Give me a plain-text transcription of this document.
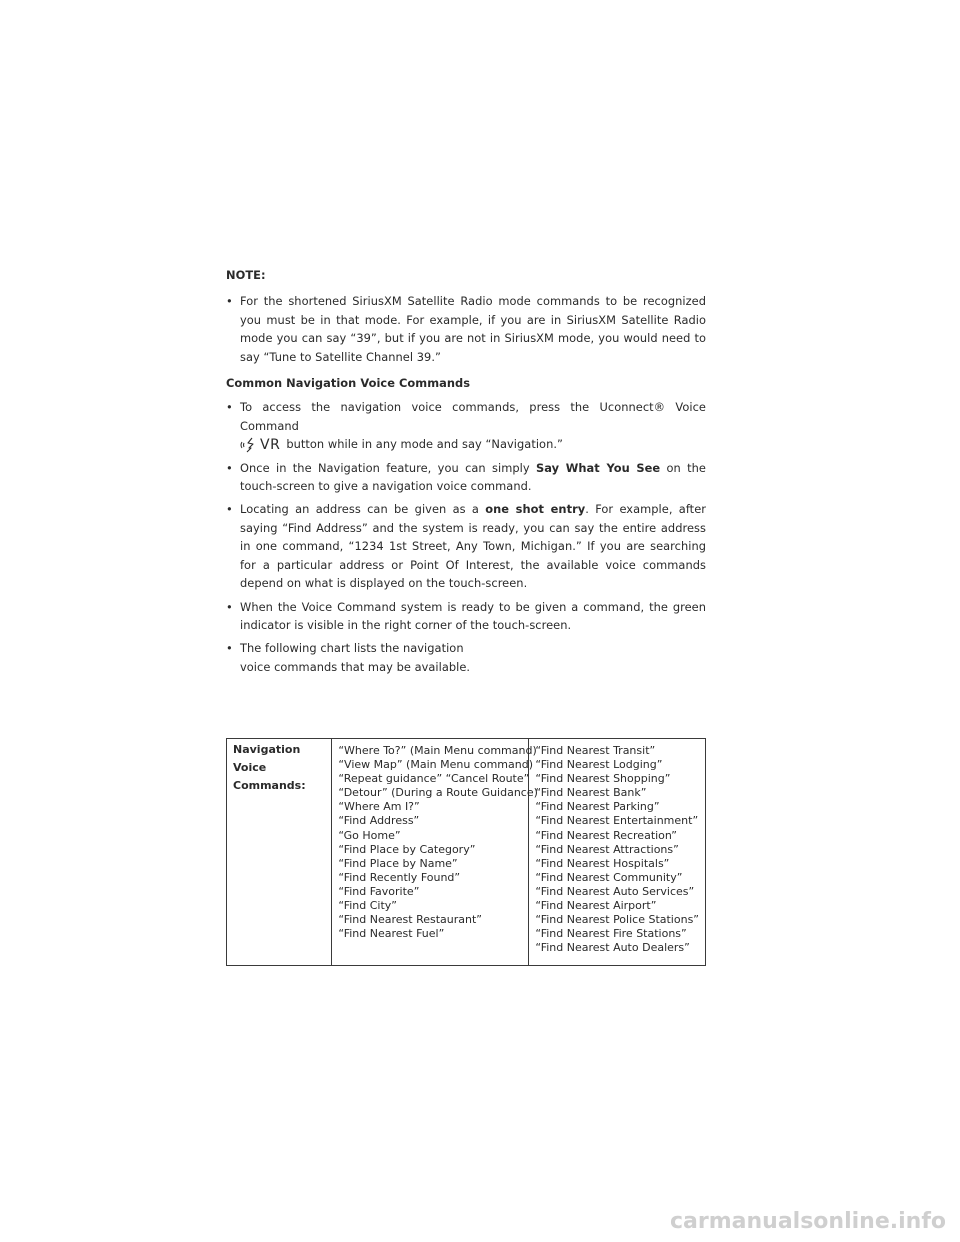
NOTE:
• For the shortened SiriusXM Satellite Radio mode commands to be recognized you must be in that mode. For example, if you are in SiriusXM Satellite Radio mode you can say “39”, but if you are not in SiriusXM mode, you would need to say “Tune to Satellite Channel 39.”
Common Navigation Voice Commands
• To access the navigation voice commands, press the Uconnect® Voice Command

VR button while in any mode and say “Navigation.”
• Once in the Navigation feature, you can simply Say What You See on the touch-screen to give a navigation voice command.
• Locating an address can be given as a one shot entry. For example, after saying “Find Address” and the system is ready, you can say the entire address in one command, “1234 1st Street, Any Town, Michigan.” If you are searching for a particular address or Point Of Interest, the available voice commands depend on what is displayed on the touch-screen.
• When the Voice Command system is ready to be given a command, the green indicator is visible in the right corner of the touch-screen.
• The following chart lists the navigation
voice commands that may be available.
Navigation Voice Commands:
“Where To?” (Main Menu command)
“View Map” (Main Menu command)
“Repeat guidance” “Cancel Route”
“Detour” (During a Route Guidance)
“Where Am I?”
“Find Address”
“Go Home”
“Find Place by Category”
“Find Place by Name”
“Find Recently Found”
“Find Favorite”
“Find City”
“Find Nearest Restaurant”
“Find Nearest Fuel”
“Find Nearest Transit”
“Find Nearest Lodging”
“Find Nearest Shopping”
“Find Nearest Bank”
“Find Nearest Parking”
“Find Nearest Entertainment”
“Find Nearest Recreation”
“Find Nearest Attractions”
“Find Nearest Hospitals”
“Find Nearest Community”
“Find Nearest Auto Services”
“Find Nearest Airport”
“Find Nearest Police Stations”
“Find Nearest Fire Stations”
“Find Nearest Auto Dealers”
carmanualsonline.info
